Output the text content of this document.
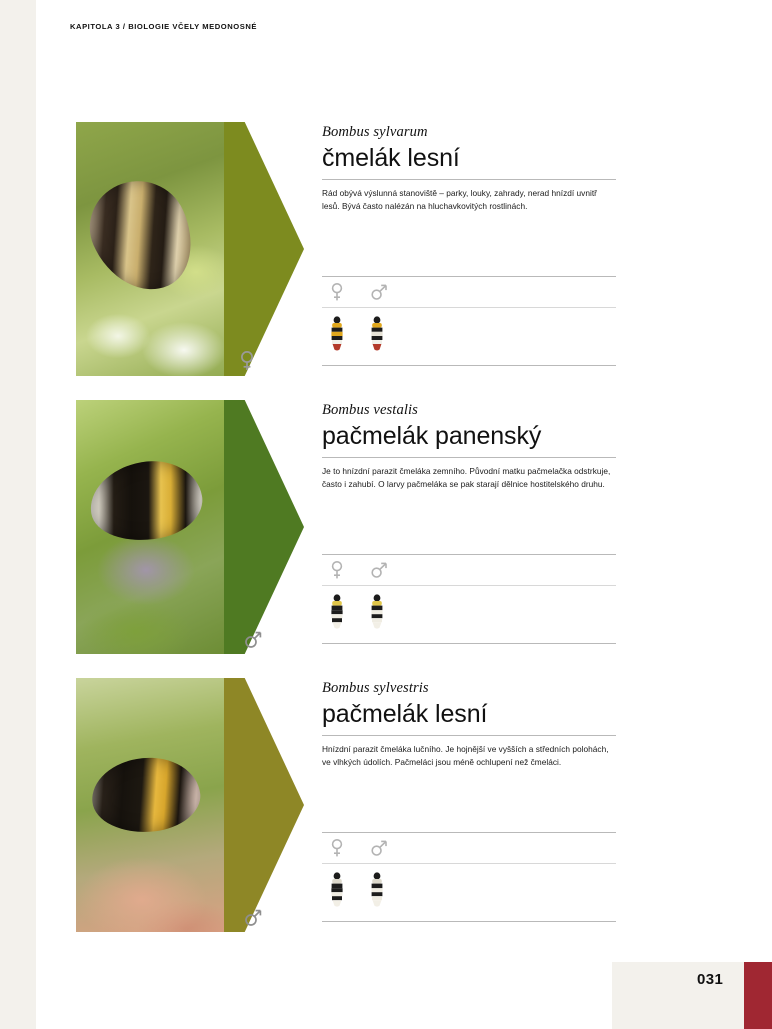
KAPITOLA 3 / BIOLOGIE VČELY MEDONOSNÉ

Bombus sylvarum

čmelák lesní

Rád obývá výslunná stanoviště – parky, louky, zahrady, nerad hnízdí uvnitř lesů. Bývá často nalézán na hluchavkovitých rostlinách.

Bombus vestalis

pačmelák panenský

Je to hnízdní parazit čmeláka zemního. Původní matku pačmelačka odstrkuje, často i zahubí. O larvy pačmeláka se pak starají dělnice hostitelského druhu.

Bombus sylvestris

pačmelák lesní

Hnízdní parazit čmeláka lučního. Je hojnější ve vyšších a středních polohách, ve vlhkých údolích. Pačmeláci jsou méně ochlupení než čmeláci.

031
